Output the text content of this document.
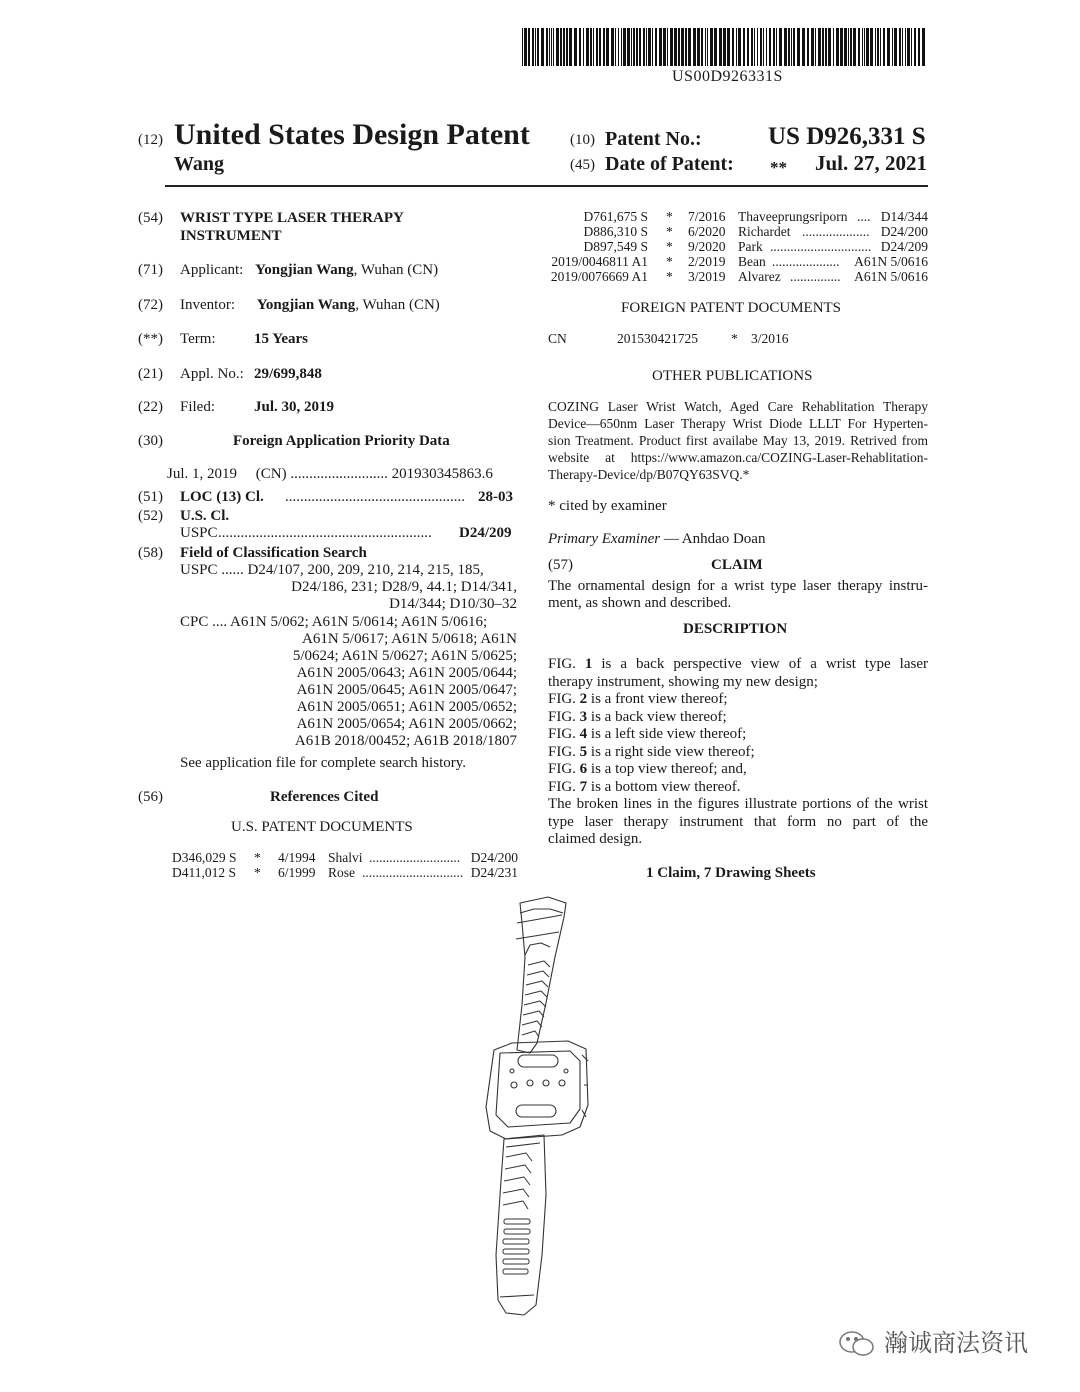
US00D926331S
(12) United States Design Patent
Wang
(10) Patent No.:	US D926,331 S
(45) Date of Patent: ** Jul. 27, 2021
(54) WRIST TYPE LASER THERAPY
INSTRUMENT
(71) Applicant: Yongjian Wang, Wuhan (CN)
(72) Inventor: Yongjian Wang, Wuhan (CN)
(**) Term:	15 Years
(21) Appl. No.: 29/699,848
(22) Filed:	Jul. 30, 2019
(30)	Foreign Application Priority Data
Jul. 1, 2019     (CN) .......................... 201930345863.6
(51) LOC (13) Cl. ................................................ 28-03
(52) U.S. Cl.
USPC .........................................................	D24/209
(58) Field of Classification Search
USPC ...... D24/107, 200, 209, 210, 214, 215, 185,
D24/186, 231; D28/9, 44.1; D14/341,
D14/344; D10/30–32
CPC .... A61N 5/062; A61N 5/0614; A61N 5/0616;
A61N 5/0617; A61N 5/0618; A61N
5/0624; A61N 5/0627; A61N 5/0625;
A61N 2005/0643; A61N 2005/0644;
A61N 2005/0645; A61N 2005/0647;
A61N 2005/0651; A61N 2005/0652;
A61N 2005/0654; A61N 2005/0662;
A61B 2018/00452; A61B 2018/1807
See application file for complete search history.
(56)	References Cited
U.S. PATENT DOCUMENTS
D346,029 S * 4/1994 Shalvi ........................... D24/200
D411,012 S * 6/1999 Rose .............................. D24/231
D761,675 S * 7/2016 Thaveeprungsriporn .... D14/344
D886,310 S * 6/2020 Richardet .................... D24/200
D897,549 S * 9/2020 Park .............................. D24/209
2019/0046811 A1 * 2/2019 Bean ....................	A61N 5/0616
2019/0076669 A1 * 3/2019 Alvarez ...............	A61N 5/0616
FOREIGN PATENT DOCUMENTS
CN	201530421725 * 3/2016
OTHER PUBLICATIONS
COZING Laser Wrist Watch, Aged Care Rehablitation Therapy
Device—650nm Laser Therapy Wrist Diode LLLT For Hyperten-
sion Treatment. Product first availabe May 13, 2019. Retrived from
website at https://www.amazon.ca/COZING-Laser-Rehablitation-
Therapy-Device/dp/B07QY63SVQ.*
* cited by examiner
Primary Examiner — Anhdao Doan
(57)	CLAIM
The ornamental design for a wrist type laser therapy instru-
ment, as shown and described.
DESCRIPTION
FIG. 1 is a back perspective view of a wrist type laser
therapy instrument, showing my new design;
FIG. 2 is a front view thereof;
FIG. 3 is a back view thereof;
FIG. 4 is a left side view thereof;
FIG. 5 is a right side view thereof;
FIG. 6 is a top view thereof; and,
FIG. 7 is a bottom view thereof.
The broken lines in the figures illustrate portions of the wrist
type laser therapy instrument that form no part of the
claimed design.
1 Claim, 7 Drawing Sheets
瀚诚商法资讯
